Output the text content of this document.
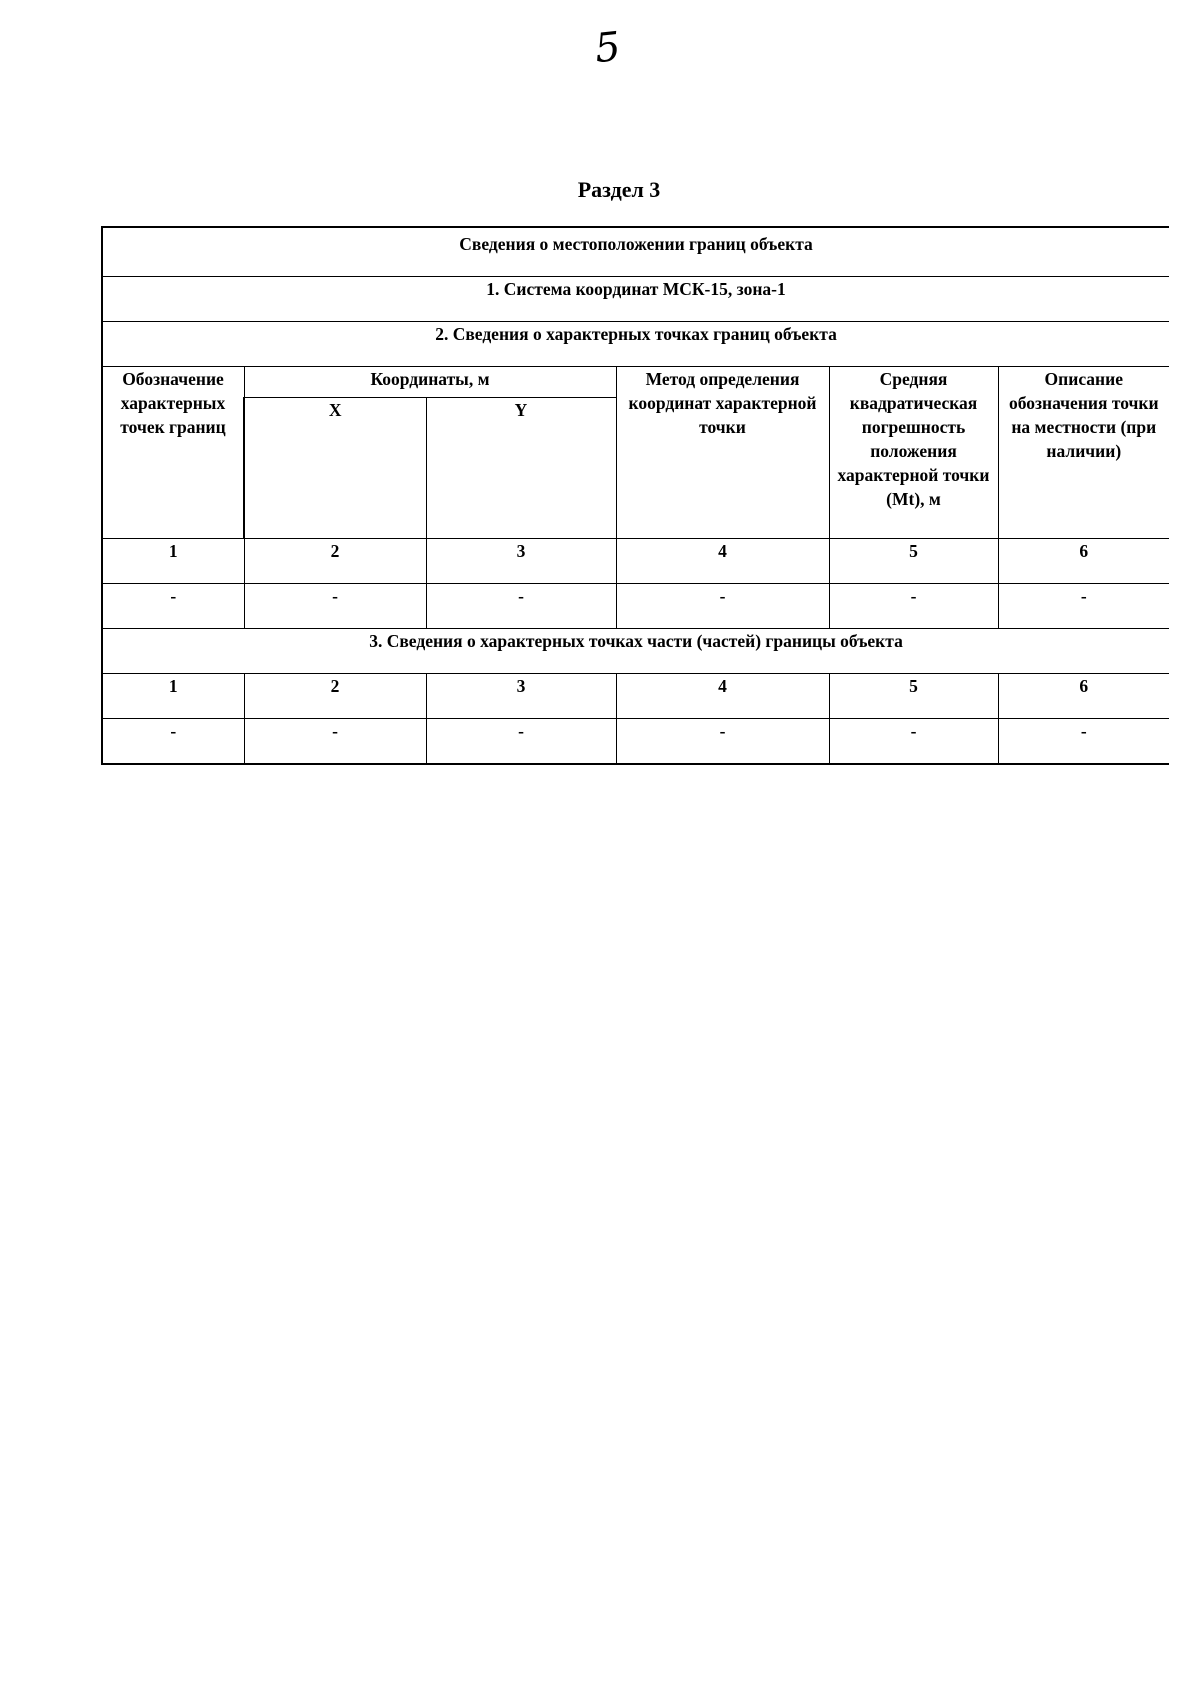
5
Раздел 3
Сведения о местоположении границ объекта					
1. Система координат МСК-15, зона-1					
2. Сведения о характерных точках границ объекта					
Обозначение характерных точек границ	Координаты, м		Метод определения координат характерной точки	Средняя квадратическая погрешность положения характерной точки (Mt), м	Описание обозначения точки на местности (при наличии)
	X	Y			
1	2	3	4	5	6
-	-	-	-	-	-
3. Сведения о характерных точках части (частей) границы объекта					
1	2	3	4	5	6
-	-	-	-	-	-
